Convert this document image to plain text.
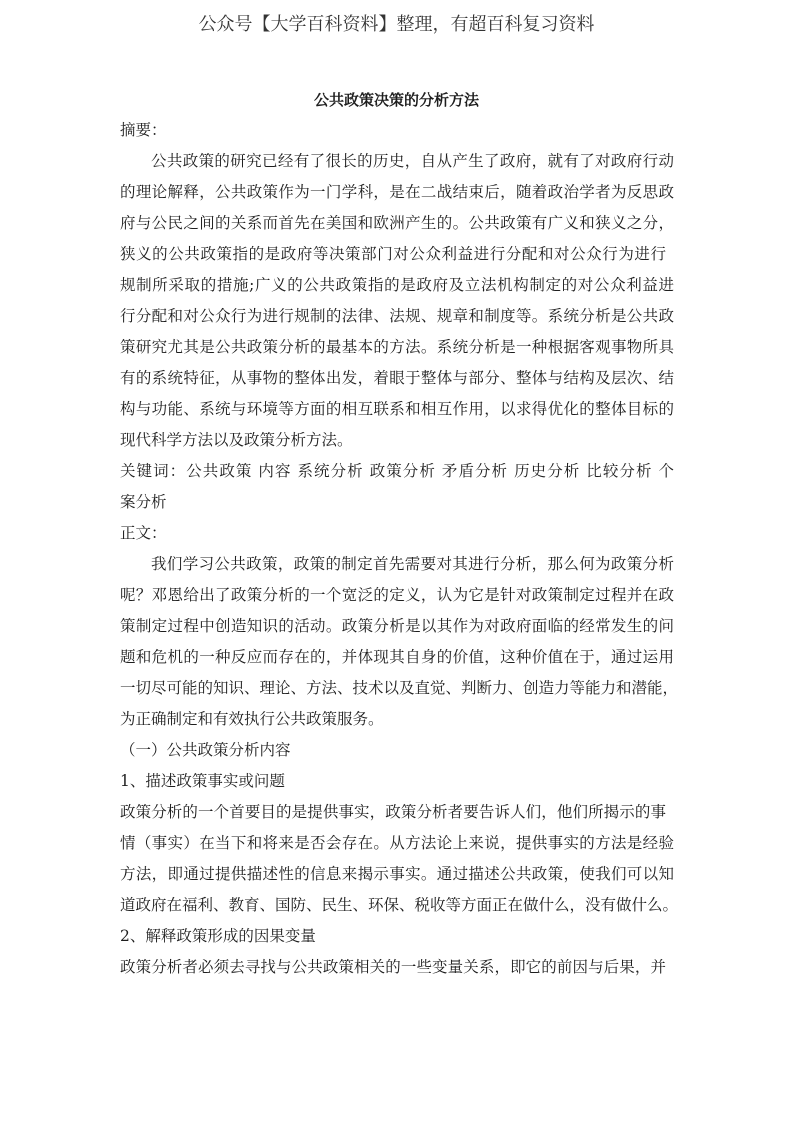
公众号【大学百科资料】整理，有超百科复习资料
公共政策决策的分析方法
摘要：
公共政策的研究已经有了很长的历史，自从产生了政府，就有了对政府行动
的理论解释，公共政策作为一门学科，是在二战结束后，随着政治学者为反思政
府与公民之间的关系而首先在美国和欧洲产生的。公共政策有广义和狭义之分，
狭义的公共政策指的是政府等决策部门对公众利益进行分配和对公众行为进行
规制所采取的措施;广义的公共政策指的是政府及立法机构制定的对公众利益进
行分配和对公众行为进行规制的法律、法规、规章和制度等。系统分析是公共政
策研究尤其是公共政策分析的最基本的方法。系统分析是一种根据客观事物所具
有的系统特征，从事物的整体出发，着眼于整体与部分、整体与结构及层次、结
构与功能、系统与环境等方面的相互联系和相互作用，以求得优化的整体目标的
现代科学方法以及政策分析方法。
关键词：公共政策 内容 系统分析 政策分析 矛盾分析 历史分析 比较分析 个
案分析
正文：
我们学习公共政策，政策的制定首先需要对其进行分析，那么何为政策分析
呢？邓恩给出了政策分析的一个宽泛的定义，认为它是针对政策制定过程并在政
策制定过程中创造知识的活动。政策分析是以其作为对政府面临的经常发生的问
题和危机的一种反应而存在的，并体现其自身的价值，这种价值在于，通过运用
一切尽可能的知识、理论、方法、技术以及直觉、判断力、创造力等能力和潜能，
为正确制定和有效执行公共政策服务。
（一）公共政策分析内容
1、描述政策事实或问题
政策分析的一个首要目的是提供事实，政策分析者要告诉人们，他们所揭示的事
情（事实）在当下和将来是否会存在。从方法论上来说，提供事实的方法是经验
方法，即通过提供描述性的信息来揭示事实。通过描述公共政策，使我们可以知
道政府在福利、教育、国防、民生、环保、税收等方面正在做什么，没有做什么。
2、解释政策形成的因果变量
政策分析者必须去寻找与公共政策相关的一些变量关系，即它的前因与后果，并
